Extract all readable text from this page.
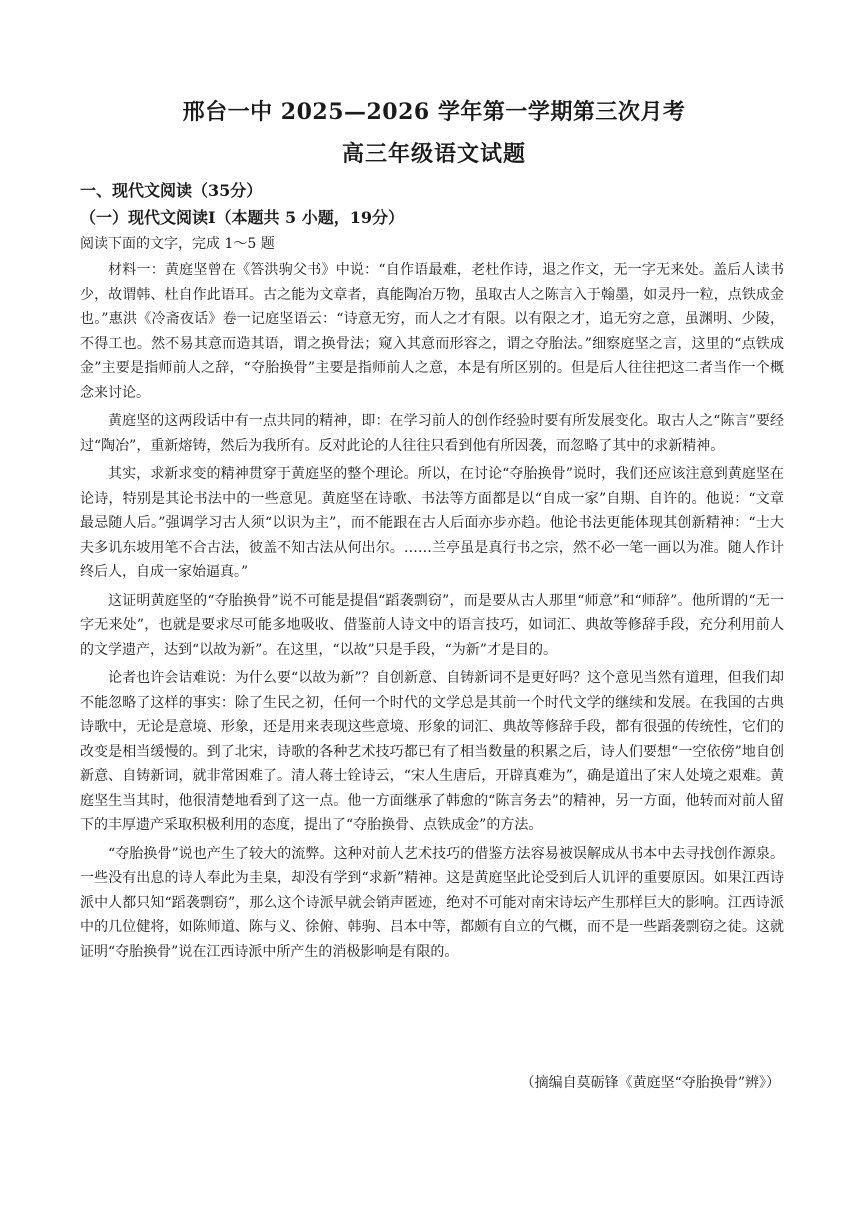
邢台一中 2025—2026 学年第一学期第三次月考
高三年级语文试题
一、现代文阅读（35分）
（一）现代文阅读Ⅰ（本题共 5 小题，19分）
阅读下面的文字，完成 1～5 题

材料一：黄庭坚曾在《答洪驹父书》中说：“自作语最难，老杜作诗，退之作文，无一字无来处。盖后人读书少，故谓韩、杜自作此语耳。古之能为文章者，真能陶冶万物，虽取古人之陈言入于翰墨，如灵丹一粒，点铁成金也。”惠洪《冷斋夜话》卷一记庭坚语云：“诗意无穷，而人之才有限。以有限之才，追无穷之意，虽渊明、少陵，不得工也。然不易其意而造其语，谓之换骨法；窥入其意而形容之，谓之夺胎法。”细察庭坚之言，这里的“点铁成金”主要是指师前人之辞，“夺胎换骨”主要是指师前人之意，本是有所区别的。但是后人往往把这二者当作一个概念来讨论。

黄庭坚的这两段话中有一点共同的精神，即：在学习前人的创作经验时要有所发展变化。取古人之“陈言”要经过“陶冶”，重新熔铸，然后为我所有。反对此论的人往往只看到他有所因袭，而忽略了其中的求新精神。

其实，求新求变的精神贯穿于黄庭坚的整个理论。所以，在讨论“夺胎换骨”说时，我们还应该注意到黄庭坚在论诗，特别是其论书法中的一些意见。黄庭坚在诗歌、书法等方面都是以“自成一家”自期、自许的。他说：“文章最忌随人后。”强调学习古人须“以识为主”，而不能跟在古人后面亦步亦趋。他论书法更能体现其创新精神：“士大夫多讥东坡用笔不合古法，彼盖不知古法从何出尔。……兰亭虽是真行书之宗，然不必一笔一画以为准。随人作计终后人，自成一家始逼真。”

这证明黄庭坚的“夺胎换骨”说不可能是提倡“蹈袭剽窃”，而是要从古人那里“师意”和“师辞”。他所谓的“无一字无来处”，也就是要求尽可能多地吸收、借鉴前人诗文中的语言技巧，如词汇、典故等修辞手段，充分利用前人的文学遗产，达到“以故为新”。在这里，“以故”只是手段，“为新”才是目的。

论者也许会诘难说：为什么要“以故为新”？自创新意、自铸新词不是更好吗？这个意见当然有道理，但我们却不能忽略了这样的事实：除了生民之初，任何一个时代的文学总是其前一个时代文学的继续和发展。在我国的古典诗歌中，无论是意境、形象，还是用来表现这些意境、形象的词汇、典故等修辞手段，都有很强的传统性，它们的改变是相当缓慢的。到了北宋，诗歌的各种艺术技巧都已有了相当数量的积累之后，诗人们要想“一空依傍”地自创新意、自铸新词，就非常困难了。清人蒋士铨诗云，“宋人生唐后，开辟真难为”，确是道出了宋人处境之艰难。黄庭坚生当其时，他很清楚地看到了这一点。他一方面继承了韩愈的“陈言务去”的精神，另一方面，他转而对前人留下的丰厚遗产采取积极利用的态度，提出了“夺胎换骨、点铁成金”的方法。

“夺胎换骨”说也产生了较大的流弊。这种对前人艺术技巧的借鉴方法容易被误解成从书本中去寻找创作源泉。一些没有出息的诗人奉此为圭臬，却没有学到“求新”精神。这是黄庭坚此论受到后人讥评的重要原因。如果江西诗派中人都只知“蹈袭剽窃”，那么这个诗派早就会销声匿迹，绝对不可能对南宋诗坛产生那样巨大的影响。江西诗派中的几位健将，如陈师道、陈与义、徐俯、韩驹、吕本中等，都颇有自立的气概，而不是一些蹈袭剽窃之徒。这就证明“夺胎换骨”说在江西诗派中所产生的消极影响是有限的。

（摘编自莫砺锋《黄庭坚“夺胎换骨”辨》）
